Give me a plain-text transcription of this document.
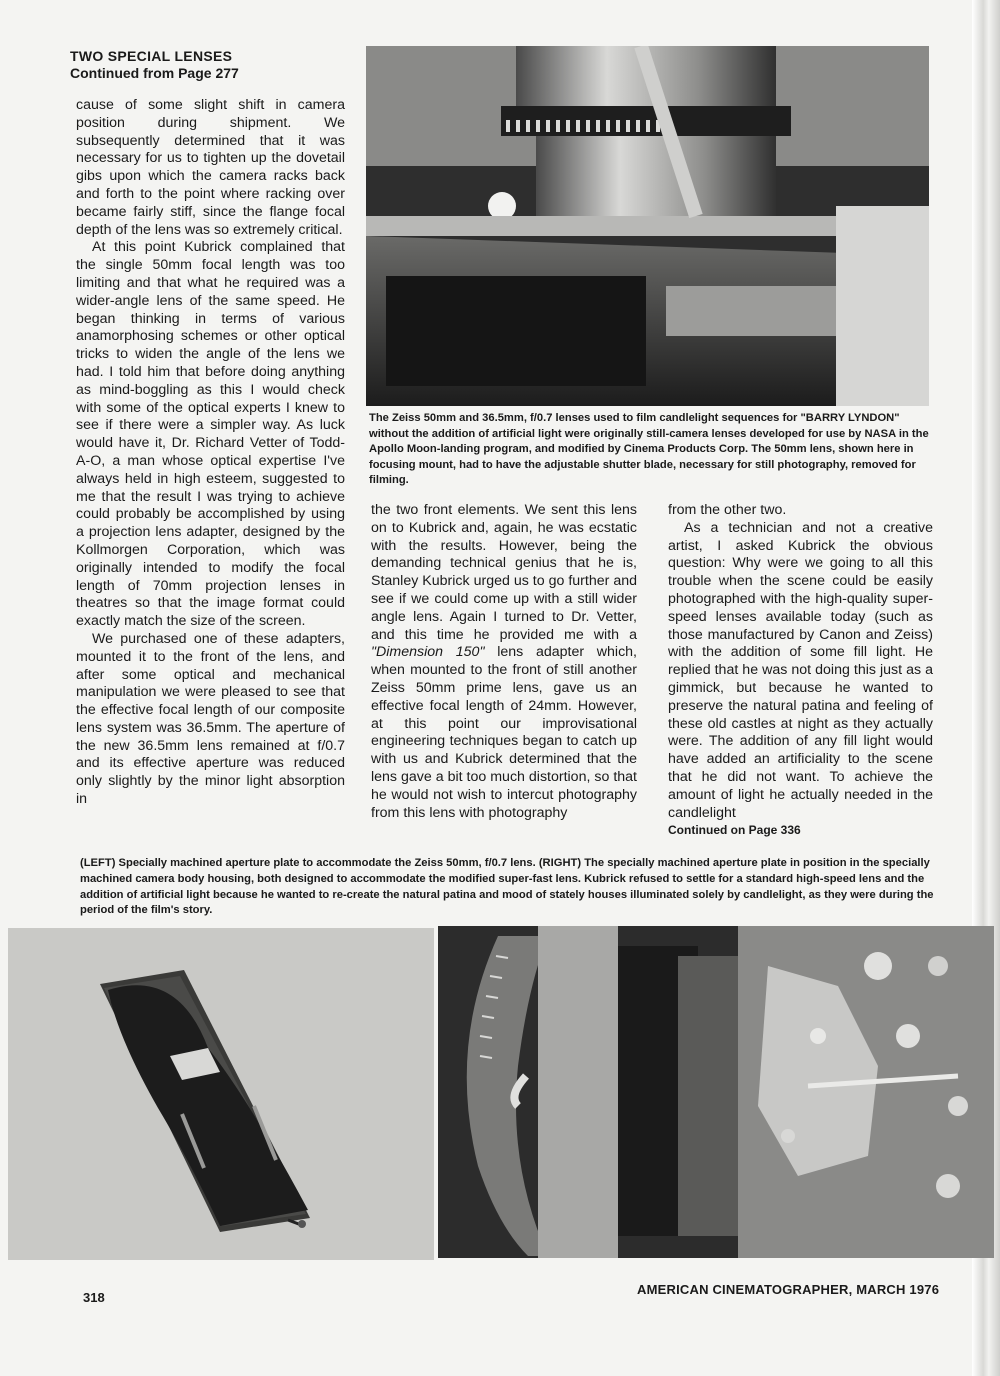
TWO SPECIAL LENSES
Continued from Page 277

cause of some slight shift in camera position during shipment. We subsequently determined that it was necessary for us to tighten up the dovetail gibs upon which the camera racks back and forth to the point where racking over became fairly stiff, since the flange focal depth of the lens was so extremely critical.

At this point Kubrick complained that the single 50mm focal length was too limiting and that what he required was a wider-angle lens of the same speed. He began thinking in terms of various anamorphosing schemes or other optical tricks to widen the angle of the lens we had. I told him that before doing anything as mind-boggling as this I would check with some of the optical experts I knew to see if there were a simpler way. As luck would have it, Dr. Richard Vetter of Todd-A-O, a man whose optical expertise I've always held in high esteem, suggested to me that the result I was trying to achieve could probably be accomplished by using a projection lens adapter, designed by the Kollmorgen Corporation, which was originally intended to modify the focal length of 70mm projection lenses in theatres so that the image format could exactly match the size of the screen.

We purchased one of these adapters, mounted it to the front of the lens, and after some optical and mechanical manipulation we were pleased to see that the effective focal length of our composite lens system was 36.5mm. The aperture of the new 36.5mm lens remained at f/0.7 and its effective aperture was reduced only slightly by the minor light absorption in

The Zeiss 50mm and 36.5mm, f/0.7 lenses used to film candlelight sequences for "BARRY LYNDON" without the addition of artificial light were originally still-camera lenses developed for use by NASA in the Apollo Moon-landing program, and modified by Cinema Products Corp. The 50mm lens, shown here in focusing mount, had to have the adjustable shutter blade, necessary for still photography, removed for filming.

the two front elements. We sent this lens on to Kubrick and, again, he was ecstatic with the results. However, being the demanding technical genius that he is, Stanley Kubrick urged us to go further and see if we could come up with a still wider angle lens. Again I turned to Dr. Vetter, and this time he provided me with a "Dimension 150" lens adapter which, when mounted to the front of still another Zeiss 50mm prime lens, gave us an effective focal length of 24mm. However, at this point our improvisational engineering techniques began to catch up with us and Kubrick determined that the lens gave a bit too much distortion, so that he would not wish to intercut photography from this lens with photography

from the other two.

As a technician and not a creative artist, I asked Kubrick the obvious question: Why were we going to all this trouble when the scene could be easily photographed with the high-quality super-speed lenses available today (such as those manufactured by Canon and Zeiss) with the addition of some fill light. He replied that he was not doing this just as a gimmick, but because he wanted to preserve the natural patina and feeling of these old castles at night as they actually were. The addition of any fill light would have added an artificiality to the scene that he did not want. To achieve the amount of light he actually needed in the candlelight

Continued on Page 336

(LEFT) Specially machined aperture plate to accommodate the Zeiss 50mm, f/0.7 lens. (RIGHT) The specially machined aperture plate in position in the specially machined camera body housing, both designed to accommodate the modified super-fast lens. Kubrick refused to settle for a standard high-speed lens and the addition of artificial light because he wanted to re-create the natural patina and mood of stately houses illuminated solely by candlelight, as they were during the period of the film's story.
318
AMERICAN CINEMATOGRAPHER, MARCH 1976
